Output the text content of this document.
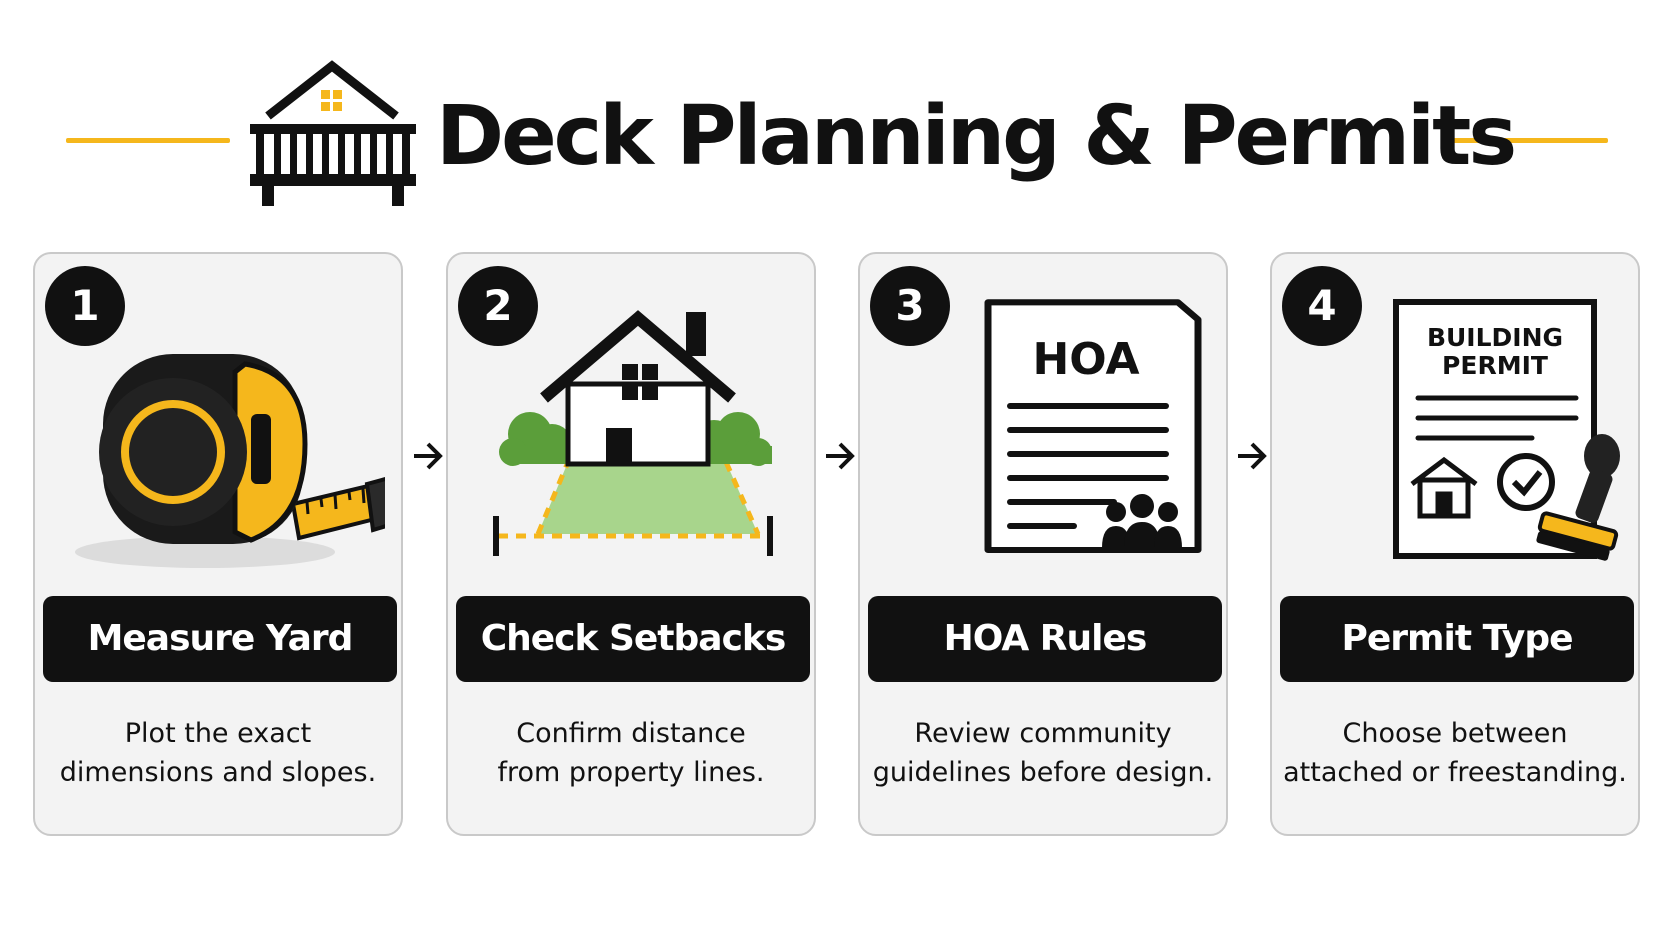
Deck Planning & Permits
1
Measure Yard
Plot the exact
dimensions and slopes.
2
Check Setbacks
Confirm distance
from property lines.
3
HOA
HOA Rules
Review community
guidelines before design.
4
BUILDING
PERMIT
Permit Type
Choose between
attached or freestanding.
